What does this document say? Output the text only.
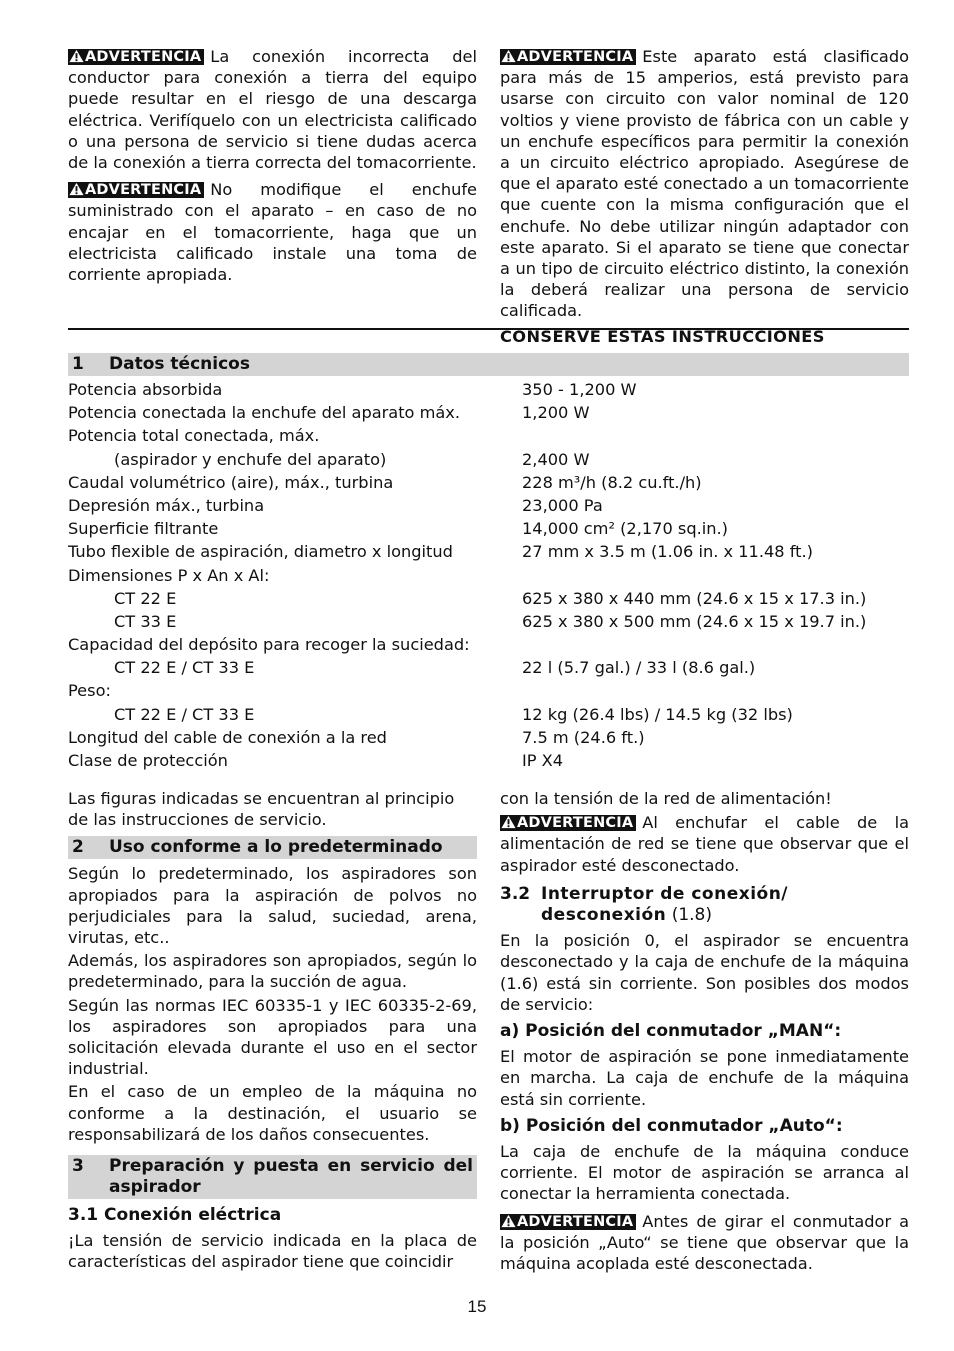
ADVERTENCIA La conexión incorrecta del conductor para conexión a tierra del equipo puede resultar en el riesgo de una descarga eléctrica. Verifíquelo con un electricista calificado o una persona de servicio si tiene dudas acerca de la conexión a tierra correcta del tomacorriente.

ADVERTENCIA No modifique el enchufe suministrado con el aparato – en caso de no encajar en el tomacorriente, haga que un electricista calificado instale una toma de corriente apropiada.

ADVERTENCIA Este aparato está clasificado para más de 15 amperios, está previsto para usarse con circuito con valor nominal de 120 voltios y viene provisto de fábrica con un cable y un enchufe específicos para permitir la conexión a un circuito eléctrico apropiado. Asegúrese de que el aparato esté conectado a un tomacorriente que cuente con la misma configuración que el enchufe. No debe utilizar ningún adaptador con este aparato. Si el aparato se tiene que conectar a un tipo de circuito eléctrico distinto, la conexión la deberá realizar una persona de servicio calificada.

CONSERVE ESTAS INSTRUCCIONES
1 Datos técnicos
Potencia absorbida	350 - 1,200 W
Potencia conectada la enchufe del aparato máx.	1,200 W
Potencia total conectada, máx.
(aspirador y enchufe del aparato)	2,400 W
Caudal volumétrico (aire), máx., turbina	228 m³/h (8.2 cu.ft./h)
Depresión máx., turbina	23,000 Pa
Superficie filtrante	14,000 cm² (2,170 sq.in.)
Tubo flexible de aspiración, diametro x longitud	27 mm x 3.5 m (1.06 in. x 11.48 ft.)
Dimensiones P x An x Al:
CT 22 E	625 x 380 x 440 mm (24.6 x 15 x 17.3 in.)
CT 33 E	625 x 380 x 500 mm (24.6 x 15 x 19.7 in.)
Capacidad del depósito para recoger la suciedad:
CT 22 E / CT 33 E	22 l (5.7 gal.) / 33 l (8.6 gal.)
Peso:
CT 22 E / CT 33 E	12 kg (26.4 lbs) / 14.5 kg (32 lbs)
Longitud del cable de conexión a la red	7.5 m (24.6 ft.)
Clase de protección	IP X4

Las figuras indicadas se encuentran al principio de las instrucciones de servicio.

2 Uso conforme a lo predeterminado

Según lo predeterminado, los aspiradores son apropiados para la aspiración de polvos no perjudiciales para la salud, suciedad, arena, virutas, etc..

Además, los aspiradores son apropiados, según lo predeterminado, para la succión de agua.

Según las normas IEC 60335-1 y IEC 60335-2-69, los aspiradores son apropiados para una solicitación elevada durante el uso en el sector industrial.

En el caso de un empleo de la máquina no conforme a la destinación, el usuario se responsabilizará de los daños consecuentes.

3	Preparación y puesta en servicio del aspirador
3.1 Conexión eléctrica

¡La tensión de servicio indicada en la placa de características del aspirador tiene que coincidir

con la tensión de la red de alimentación!

ADVERTENCIA Al enchufar el cable de la alimentación de red se tiene que observar que el aspirador esté desconectado.

3.2 Interruptor de conexión/ desconexión (1.8)

En la posición 0, el aspirador se encuentra desconectado y la caja de enchufe de la máquina (1.6) está sin corriente. Son posibles dos modos de servicio:

a) Posición del conmutador „MAN“:

El motor de aspiración se pone inmediatamente en marcha. La caja de enchufe de la máquina está sin corriente.

b) Posición del conmutador „Auto“:

La caja de enchufe de la máquina conduce corriente. El motor de aspiración se arranca al conectar la herramienta conectada.

ADVERTENCIA Antes de girar el conmutador a la posición „Auto“ se tiene que observar que la máquina acoplada esté desconectada.

15
